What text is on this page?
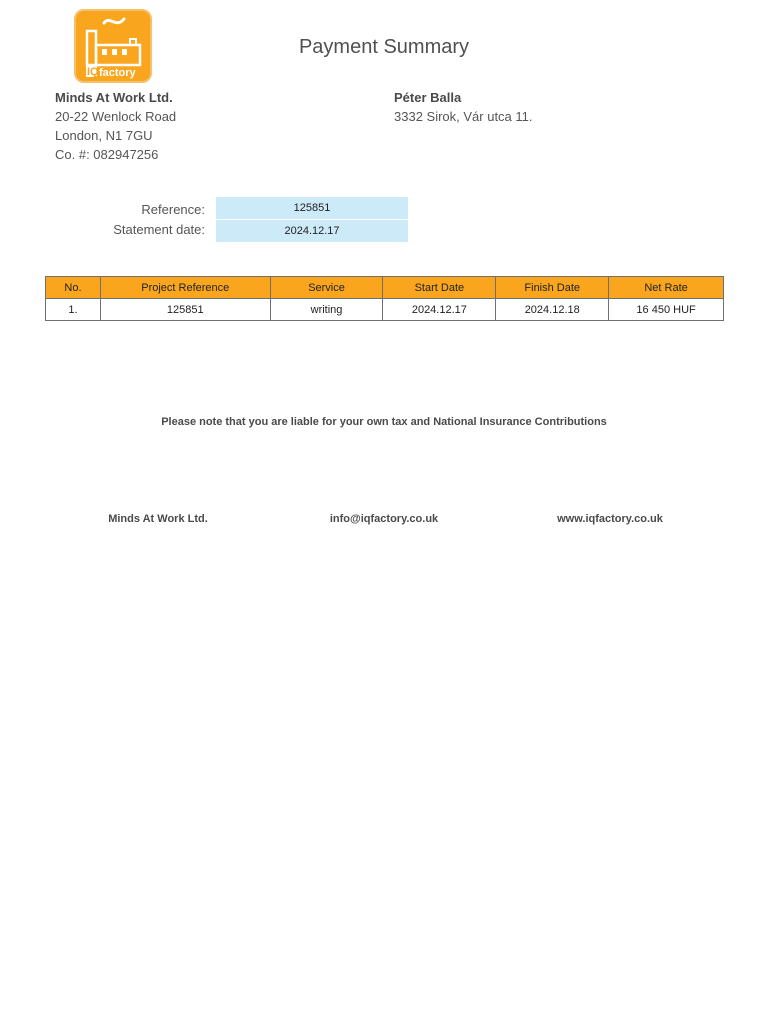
IQ factory
Payment Summary
Minds At Work Ltd.
20-22 Wenlock Road
London, N1 7GU
Co. #: 082947256
Péter Balla
3332 Sirok, Vár utca 11.
Reference:	125851
Statement date:	2024.12.17
No.	Project Reference	Service	Start Date	Finish Date	Net Rate
1.	125851	writing	2024.12.17	2024.12.18	16 450 HUF
Please note that you are liable for your own tax and National Insurance Contributions
Minds At Work Ltd.	info@iqfactory.co.uk	www.iqfactory.co.uk
